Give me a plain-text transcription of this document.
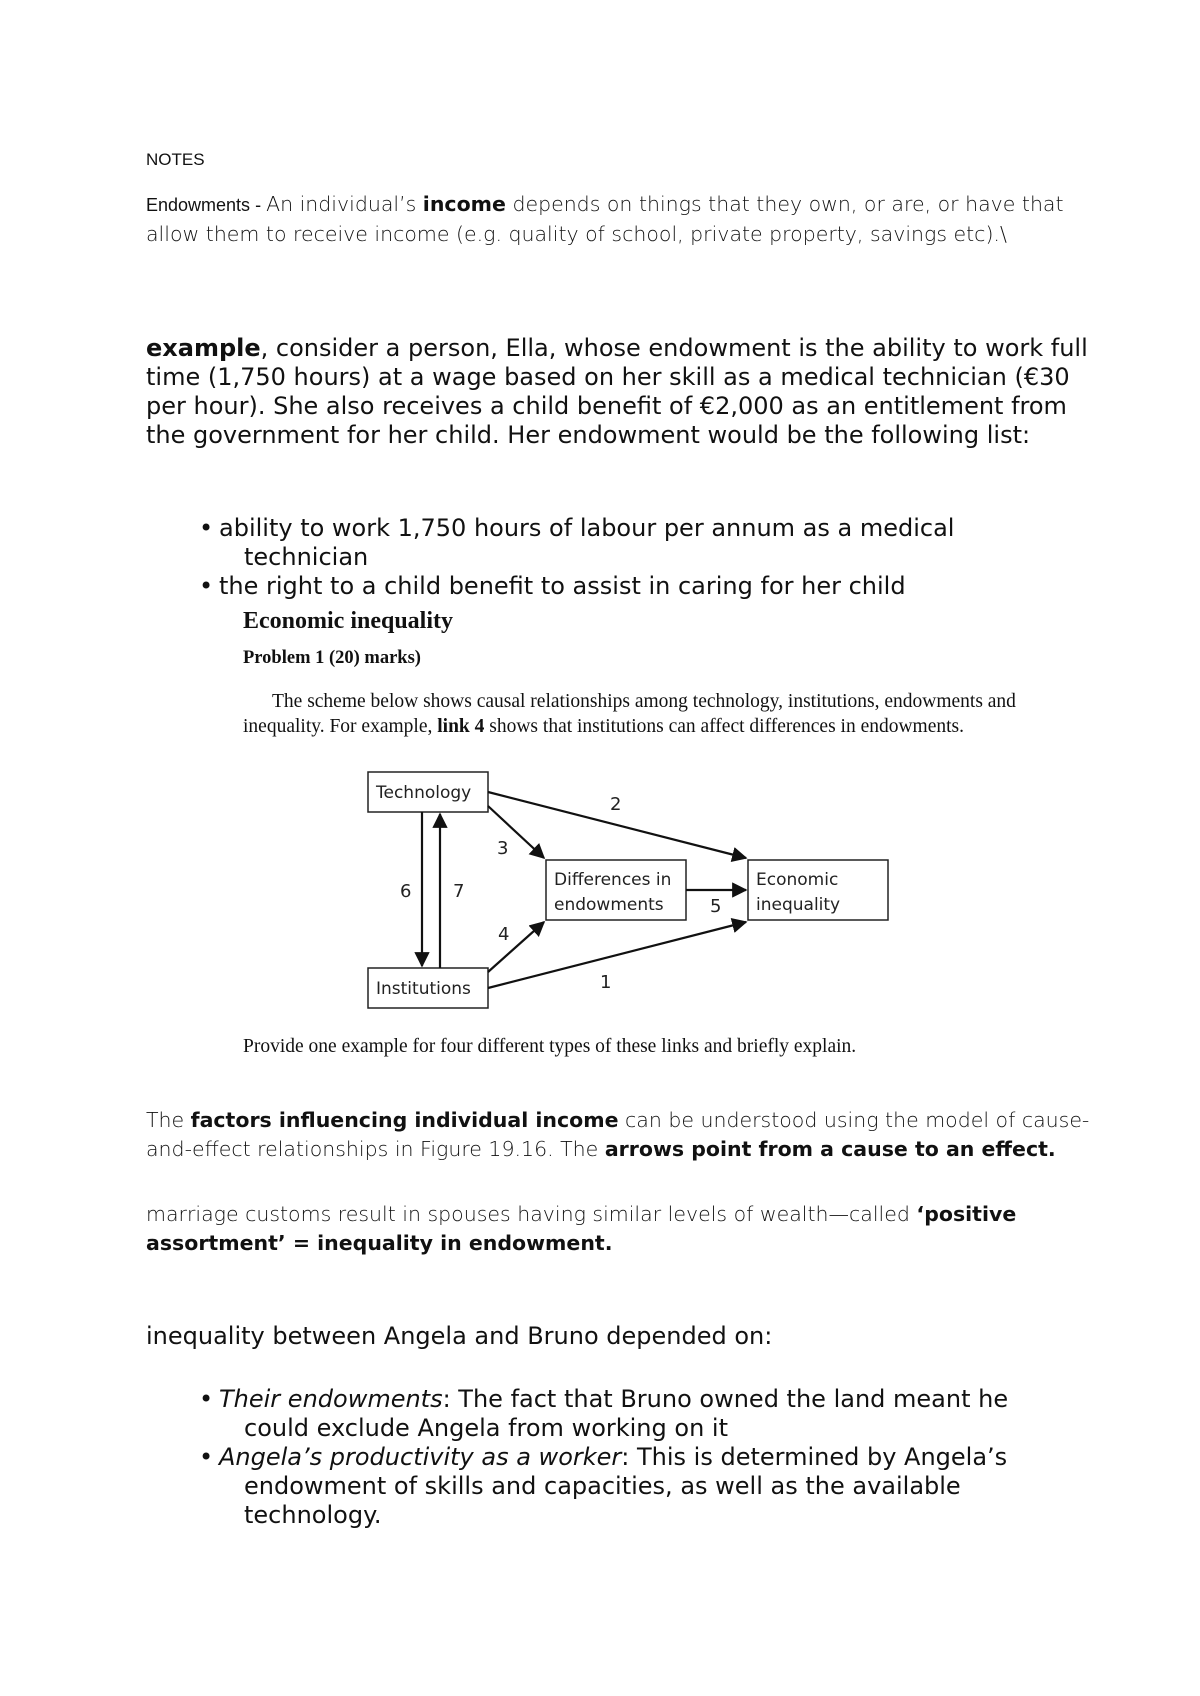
NOTES

Endowments - An individual’s income depends on things that they own, or are, or have that allow them to receive income (e.g. quality of school, private property, savings etc).\

example, consider a person, Ella, whose endowment is the ability to work full time (1,750 hours) at a wage based on her skill as a medical technician (€30 per hour). She also receives a child benefit of €2,000 as an entitlement from the government for her child. Her endowment would be the following list:

• ability to work 1,750 hours of labour per annum as a medical
technician
• the right to a child benefit to assist in caring for her child

Economic inequality

Problem 1 (20) marks)

The scheme below shows causal relationships among technology, institutions, endowments and inequality. For example, link 4 shows that institutions can affect differences in endowments.

Technology
Institutions
Differences in
endowments
Economic
inequality
2
3
6 7
5
4
1

Provide one example for four different types of these links and briefly explain.

The factors influencing individual income can be understood using the model of cause-and-effect relationships in Figure 19.16. The arrows point from a cause to an effect.

marriage customs result in spouses having similar levels of wealth—called ‘positive assortment’ = inequality in endowment.

inequality between Angela and Bruno depended on:

• Their endowments: The fact that Bruno owned the land meant he
could exclude Angela from working on it
• Angela’s productivity as a worker: This is determined by Angela’s
endowment of skills and capacities, as well as the available
technology.
